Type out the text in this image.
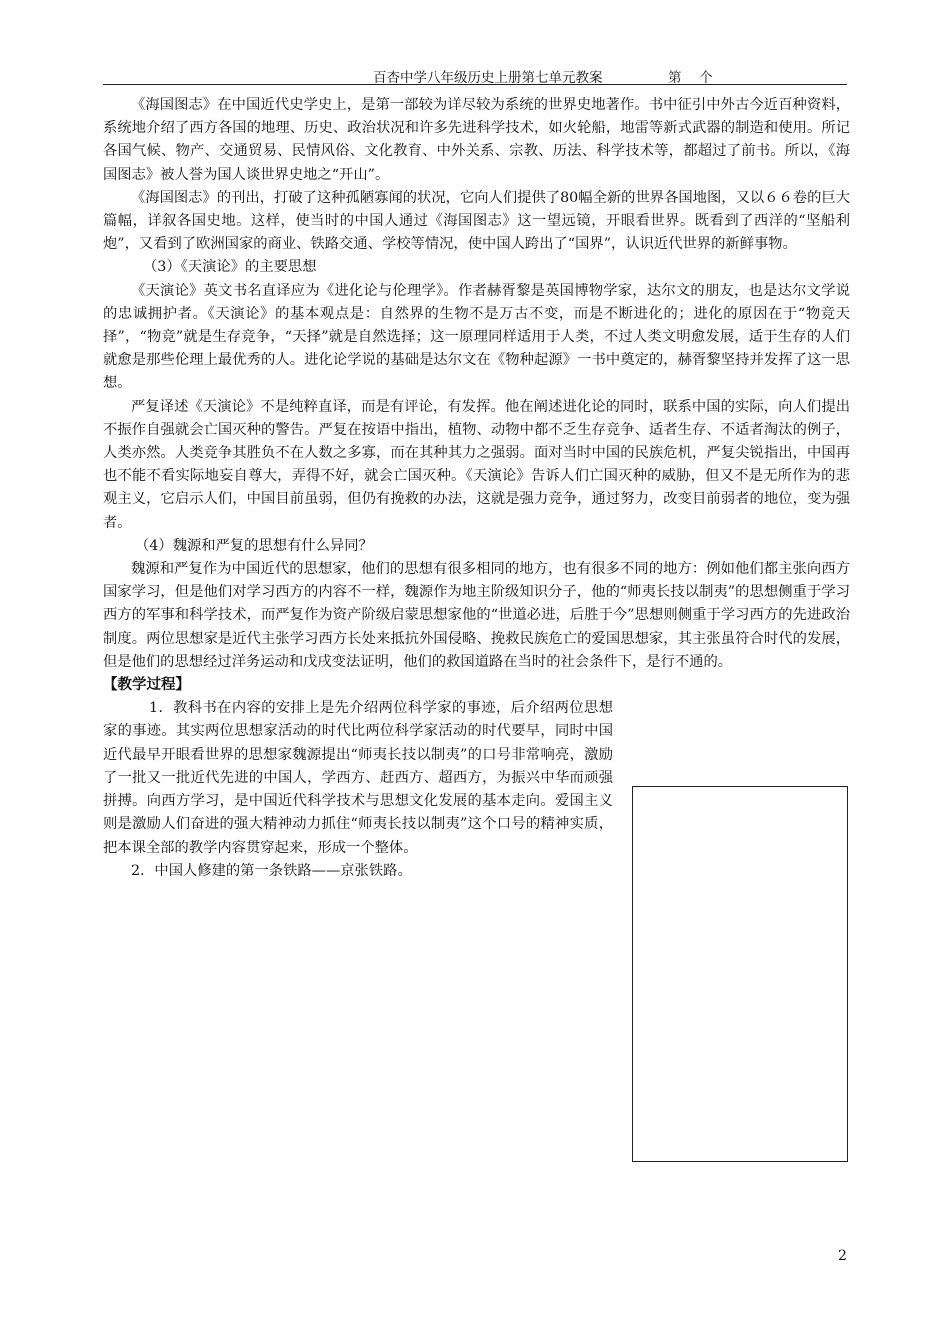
百杏中学八年级历史上册第七单元教案	第　 个

《海国图志》在中国近代史学史上，是第一部较为详尽较为系统的世界史地著作。书中征引中外古今近百种资料，系统地介绍了西方各国的地理、历史、政治状况和许多先进科学技术，如火轮船，地雷等新式武器的制造和使用。所记各国气候、物产、交通贸易、民情风俗、文化教育、中外关系、宗教、历法、科学技术等，都超过了前书。所以，《海国图志》被人誉为国人谈世界史地之“开山”。

《海国图志》的刊出，打破了这种孤陋寡闻的状况，它向人们提供了80幅全新的世界各国地图，又以６６卷的巨大篇幅，详叙各国史地。这样，使当时的中国人通过《海国图志》这一望远镜，开眼看世界。既看到了西洋的“坚船利炮”，又看到了欧洲国家的商业、铁路交通、学校等情况，使中国人跨出了“国界”，认识近代世界的新鲜事物。

（3）《天演论》的主要思想

《天演论》英文书名直译应为《进化论与伦理学》。作者赫胥黎是英国博物学家，达尔文的朋友，也是达尔文学说的忠诚拥护者。《天演论》的基本观点是：自然界的生物不是万古不变，而是不断进化的；进化的原因在于“物竞天择”，“物竞”就是生存竞争，“天择”就是自然选择；这一原理同样适用于人类，不过人类文明愈发展，适于生存的人们就愈是那些伦理上最优秀的人。进化论学说的基础是达尔文在《物种起源》一书中奠定的，赫胥黎坚持并发挥了这一思想。

严复译述《天演论》不是纯粹直译，而是有评论，有发挥。他在阐述进化论的同时，联系中国的实际，向人们提出不振作自强就会亡国灭种的警告。严复在按语中指出，植物、动物中都不乏生存竞争、适者生存、不适者淘汰的例子，人类亦然。人类竞争其胜负不在人数之多寡，而在其种其力之强弱。面对当时中国的民族危机，严复尖锐指出，中国再也不能不看实际地妄自尊大，弄得不好，就会亡国灭种。《天演论》告诉人们亡国灭种的威胁，但又不是无所作为的悲观主义，它启示人们，中国目前虽弱，但仍有挽救的办法，这就是强力竞争，通过努力，改变目前弱者的地位，变为强者。

（4）魏源和严复的思想有什么异同？

魏源和严复作为中国近代的思想家，他们的思想有很多相同的地方，也有很多不同的地方：例如他们都主张向西方国家学习，但是他们对学习西方的内容不一样，魏源作为地主阶级知识分子，他的“师夷长技以制夷”的思想侧重于学习西方的军事和科学技术，而严复作为资产阶级启蒙思想家他的“世道必进，后胜于今”思想则侧重于学习西方的先进政治制度。两位思想家是近代主张学习西方长处来抵抗外国侵略、挽救民族危亡的爱国思想家，其主张虽符合时代的发展，但是他们的思想经过洋务运动和戊戌变法证明，他们的救国道路在当时的社会条件下，是行不通的。

【教学过程】

1．教科书在内容的安排上是先介绍两位科学家的事迹，后介绍两位思想家的事迹。其实两位思想家活动的时代比两位科学家活动的时代要早，同时中国近代最早开眼看世界的思想家魏源提出“师夷长技以制夷”的口号非常响亮，激励了一批又一批近代先进的中国人，学西方、赶西方、超西方，为振兴中华而顽强拼搏。向西方学习，是中国近代科学技术与思想文化发展的基本走向。爱国主义则是激励人们奋进的强大精神动力抓住“师夷长技以制夷”这个口号的精神实质，把本课全部的教学内容贯穿起来，形成一个整体。

2．中国人修建的第一条铁路——京张铁路。

2
